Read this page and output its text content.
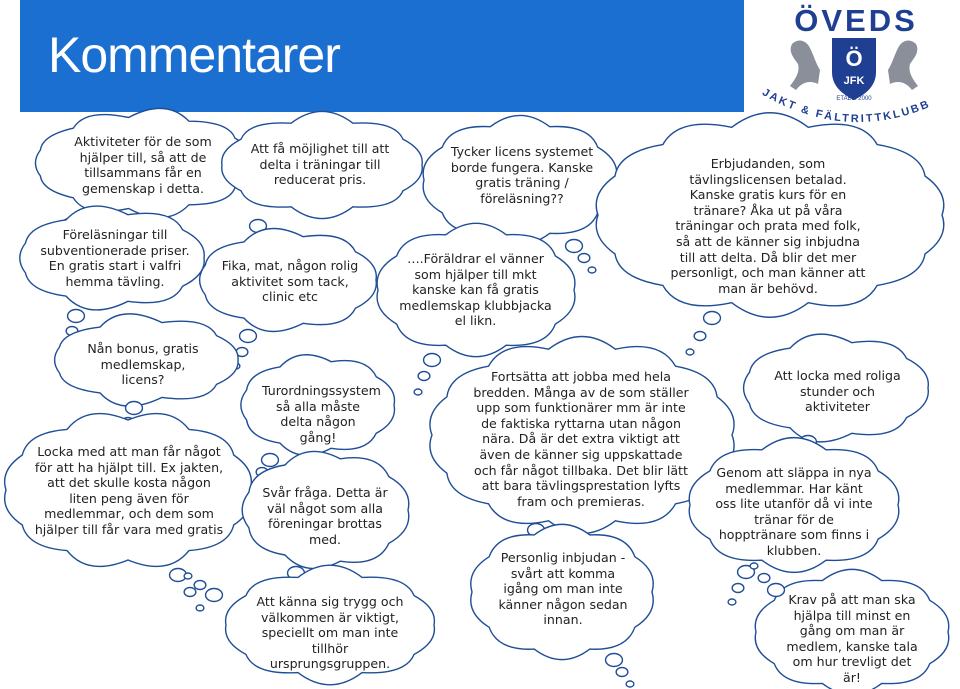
Kommentarer
ÖVEDS
Ö
JFK
ETABL. 2000
JAKT & FÄLTRITTKLUBB
Aktiviteter för de som hjälper till, så att de tillsammans får en gemenskap i detta.
Föreläsningar till subventionerade priser. En gratis start i valfri hemma tävling.
Att få möjlighet till att delta i träningar till reducerat pris.
Fika, mat, någon rolig aktivitet som tack, clinic etc
Tycker licens systemet borde fungera. Kanske gratis träning / föreläsning??
….Föräldrar el vänner som hjälper till mkt kanske kan få gratis medlemskap klubbjacka el likn.
Erbjudanden, som tävlingslicensen betalad. Kanske gratis kurs för en tränare? Åka ut på våra träningar och prata med folk, så att de känner sig inbjudna till att delta. Då blir det mer personligt, och man känner att man är behövd.
Nån bonus, gratis medlemskap, licens?
Locka med att man får något för att ha hjälpt till. Ex jakten, att det skulle kosta någon liten peng även för medlemmar, och dem som hjälper till får vara med gratis
Turordningssystem så alla måste delta någon gång!
Svår fråga. Detta är väl något som alla föreningar brottas med.
Att känna sig trygg och välkommen är viktigt, speciellt om man inte tillhör ursprungsgruppen.
Fortsätta att jobba med hela bredden. Många av de som ställer upp som funktionärer mm är inte de faktiska ryttarna utan någon nära. Då är det extra viktigt att även de känner sig uppskattade och får något tillbaka. Det blir lätt att bara tävlingsprestation lyfts fram och premieras.
Att locka med roliga stunder och aktiviteter
Genom att släppa in nya medlemmar. Har känt oss lite utanför då vi inte tränar för de hopptränare som finns i klubben.
Personlig inbjudan - svårt att komma igång om man inte känner någon sedan innan.
Krav på att man ska hjälpa till minst en gång om man är medlem, kanske tala om hur trevligt det är!
